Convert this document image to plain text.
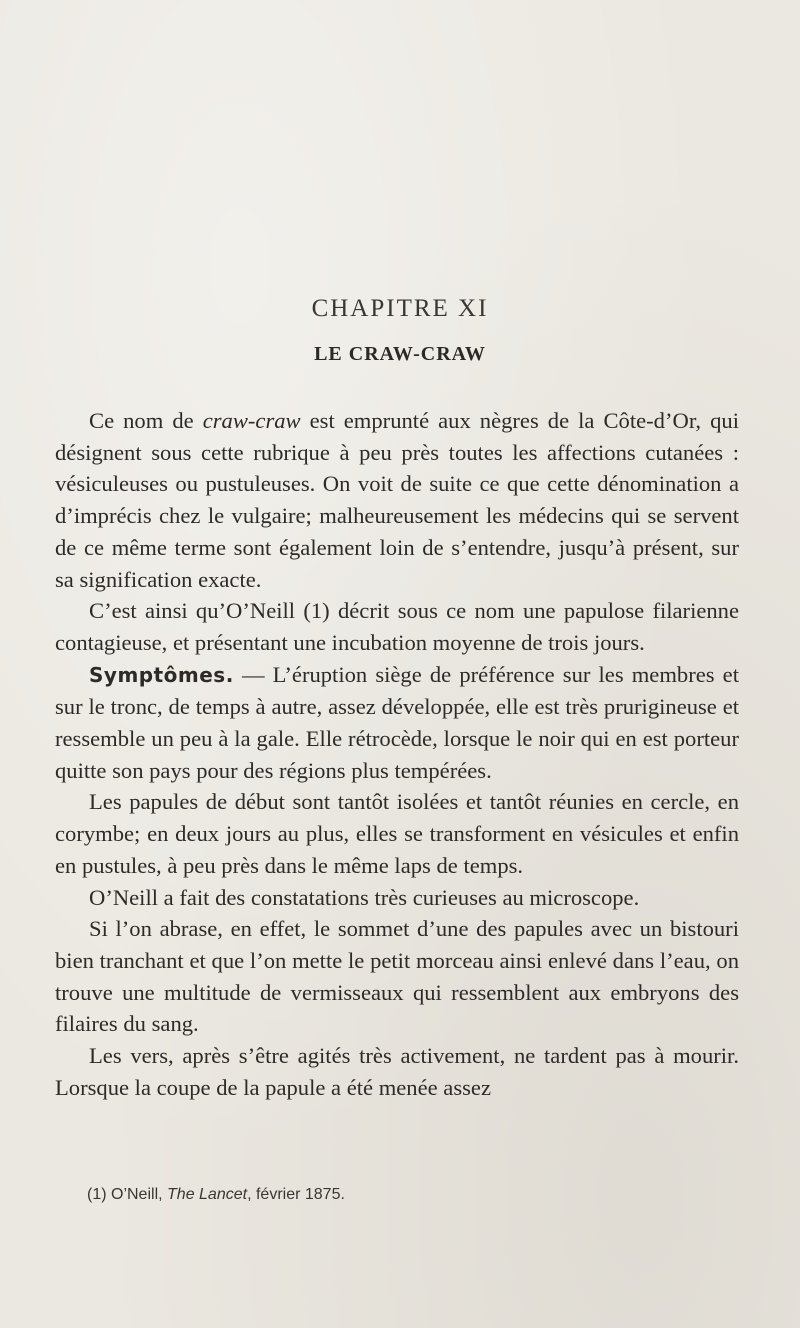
CHAPITRE XI
LE CRAW-CRAW

Ce nom de craw-craw est emprunté aux nègres de la Côte-d’Or, qui désignent sous cette rubrique à peu près toutes les affections cutanées : vésiculeuses ou pustuleuses. On voit de suite ce que cette dénomination a d’imprécis chez le vulgaire; malheureusement les médecins qui se servent de ce même terme sont également loin de s’entendre, jusqu’à présent, sur sa signification exacte.

C’est ainsi qu’O’Neill (1) décrit sous ce nom une papulose filarienne contagieuse, et présentant une incubation moyenne de trois jours.

Symptômes. — L’éruption siège de préférence sur les membres et sur le tronc, de temps à autre, assez développée, elle est très prurigineuse et ressemble un peu à la gale. Elle rétrocède, lorsque le noir qui en est porteur quitte son pays pour des régions plus tempérées.

Les papules de début sont tantôt isolées et tantôt réunies en cercle, en corymbe; en deux jours au plus, elles se transforment en vésicules et enfin en pustules, à peu près dans le même laps de temps.

O’Neill a fait des constatations très curieuses au microscope.

Si l’on abrase, en effet, le sommet d’une des papules avec un bistouri bien tranchant et que l’on mette le petit morceau ainsi enlevé dans l’eau, on trouve une multitude de vermisseaux qui ressemblent aux embryons des filaires du sang.

Les vers, après s’être agités très activement, ne tardent pas à mourir. Lorsque la coupe de la papule a été menée assez

(1) O’Neill, The Lancet, février 1875.
